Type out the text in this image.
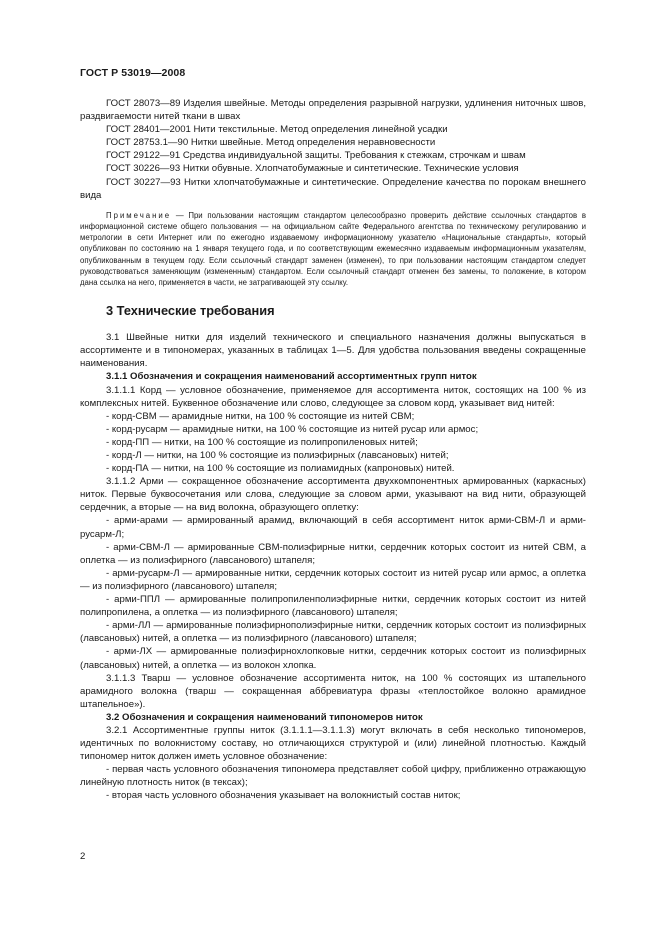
ГОСТ Р 53019—2008

ГОСТ 28073—89 Изделия швейные. Методы определения разрывной нагрузки, удлинения ниточных швов, раздвигаемости нитей ткани в швах

ГОСТ 28401—2001 Нити текстильные. Метод определения линейной усадки

ГОСТ 28753.1—90 Нитки швейные. Метод определения неравновесности

ГОСТ 29122—91 Средства индивидуальной защиты. Требования к стежкам, строчкам и швам

ГОСТ 30226—93 Нитки обувные. Хлопчатобумажные и синтетические. Технические условия

ГОСТ 30227—93 Нитки хлопчатобумажные и синтетические. Определение качества по порокам внешнего вида

Примечание — При пользовании настоящим стандартом целесообразно проверить действие ссылочных стандартов в информационной системе общего пользования — на официальном сайте Федерального агентства по техническому регулированию и метрологии в сети Интернет или по ежегодно издаваемому информационному указателю «Национальные стандарты», который опубликован по состоянию на 1 января текущего года, и по соответствующим ежемесячно издаваемым информационным указателям, опубликованным в текущем году. Если ссылочный стандарт заменен (изменен), то при пользовании настоящим стандартом следует руководствоваться заменяющим (измененным) стандартом. Если ссылочный стандарт отменен без замены, то положение, в котором дана ссылка на него, применяется в части, не затрагивающей эту ссылку.

3 Технические требования

3.1 Швейные нитки для изделий технического и специального назначения должны выпускаться в ассортименте и в типономерах, указанных в таблицах 1—5. Для удобства пользования введены сокращенные наименования.

3.1.1 Обозначения и сокращения наименований ассортиментных групп ниток

3.1.1.1 Корд — условное обозначение, применяемое для ассортимента ниток, состоящих на 100 % из комплексных нитей. Буквенное обозначение или слово, следующее за словом корд, указывает вид нитей:

- корд-СВМ — арамидные нитки, на 100 % состоящие из нитей СВМ;

- корд-русарм — арамидные нитки, на 100 % состоящие из нитей русар или армос;

- корд-ПП — нитки, на 100 % состоящие из полипропиленовых нитей;

- корд-Л — нитки, на 100 % состоящие из полиэфирных (лавсановых) нитей;

- корд-ПА — нитки, на 100 % состоящие из полиамидных (капроновых) нитей.

3.1.1.2 Арми — сокращенное обозначение ассортимента двухкомпонентных армированных (каркасных) ниток. Первые буквосочетания или слова, следующие за словом арми, указывают на вид нити, образующей сердечник, а вторые — на вид волокна, образующего оплетку:

- арми-арами — армированный арамид, включающий в себя ассортимент ниток арми-СВМ-Л и арми-русарм-Л;

- арми-СВМ-Л — армированные СВМ-полиэфирные нитки, сердечник которых состоит из нитей СВМ, а оплетка — из полиэфирного (лавсанового) штапеля;

- арми-русарм-Л — армированные нитки, сердечник которых состоит из нитей русар или армос, а оплетка — из полиэфирного (лавсанового) штапеля;

- арми-ППЛ — армированные полипропиленполиэфирные нитки, сердечник которых состоит из нитей полипропилена, а оплетка — из полиэфирного (лавсанового) штапеля;

- арми-ЛЛ — армированные полиэфирнополиэфирные нитки, сердечник которых состоит из полиэфирных (лавсановых) нитей, а оплетка — из полиэфирного (лавсанового) штапеля;

- арми-ЛХ — армированные полиэфирнохлопковые нитки, сердечник которых состоит из полиэфирных (лавсановых) нитей, а оплетка — из волокон хлопка.

3.1.1.3 Тварш — условное обозначение ассортимента ниток, на 100 % состоящих из штапельного арамидного волокна (тварш — сокращенная аббревиатура фразы «теплостойкое волокно арамидное штапельное»).

3.2 Обозначения и сокращения наименований типономеров ниток

3.2.1 Ассортиментные группы ниток (3.1.1.1—3.1.1.3) могут включать в себя несколько типономеров, идентичных по волокнистому составу, но отличающихся структурой и (или) линейной плотностью. Каждый типономер ниток должен иметь условное обозначение:

- первая часть условного обозначения типономера представляет собой цифру, приближенно отражающую линейную плотность ниток (в тексах);

- вторая часть условного обозначения указывает на волокнистый состав ниток;

2
